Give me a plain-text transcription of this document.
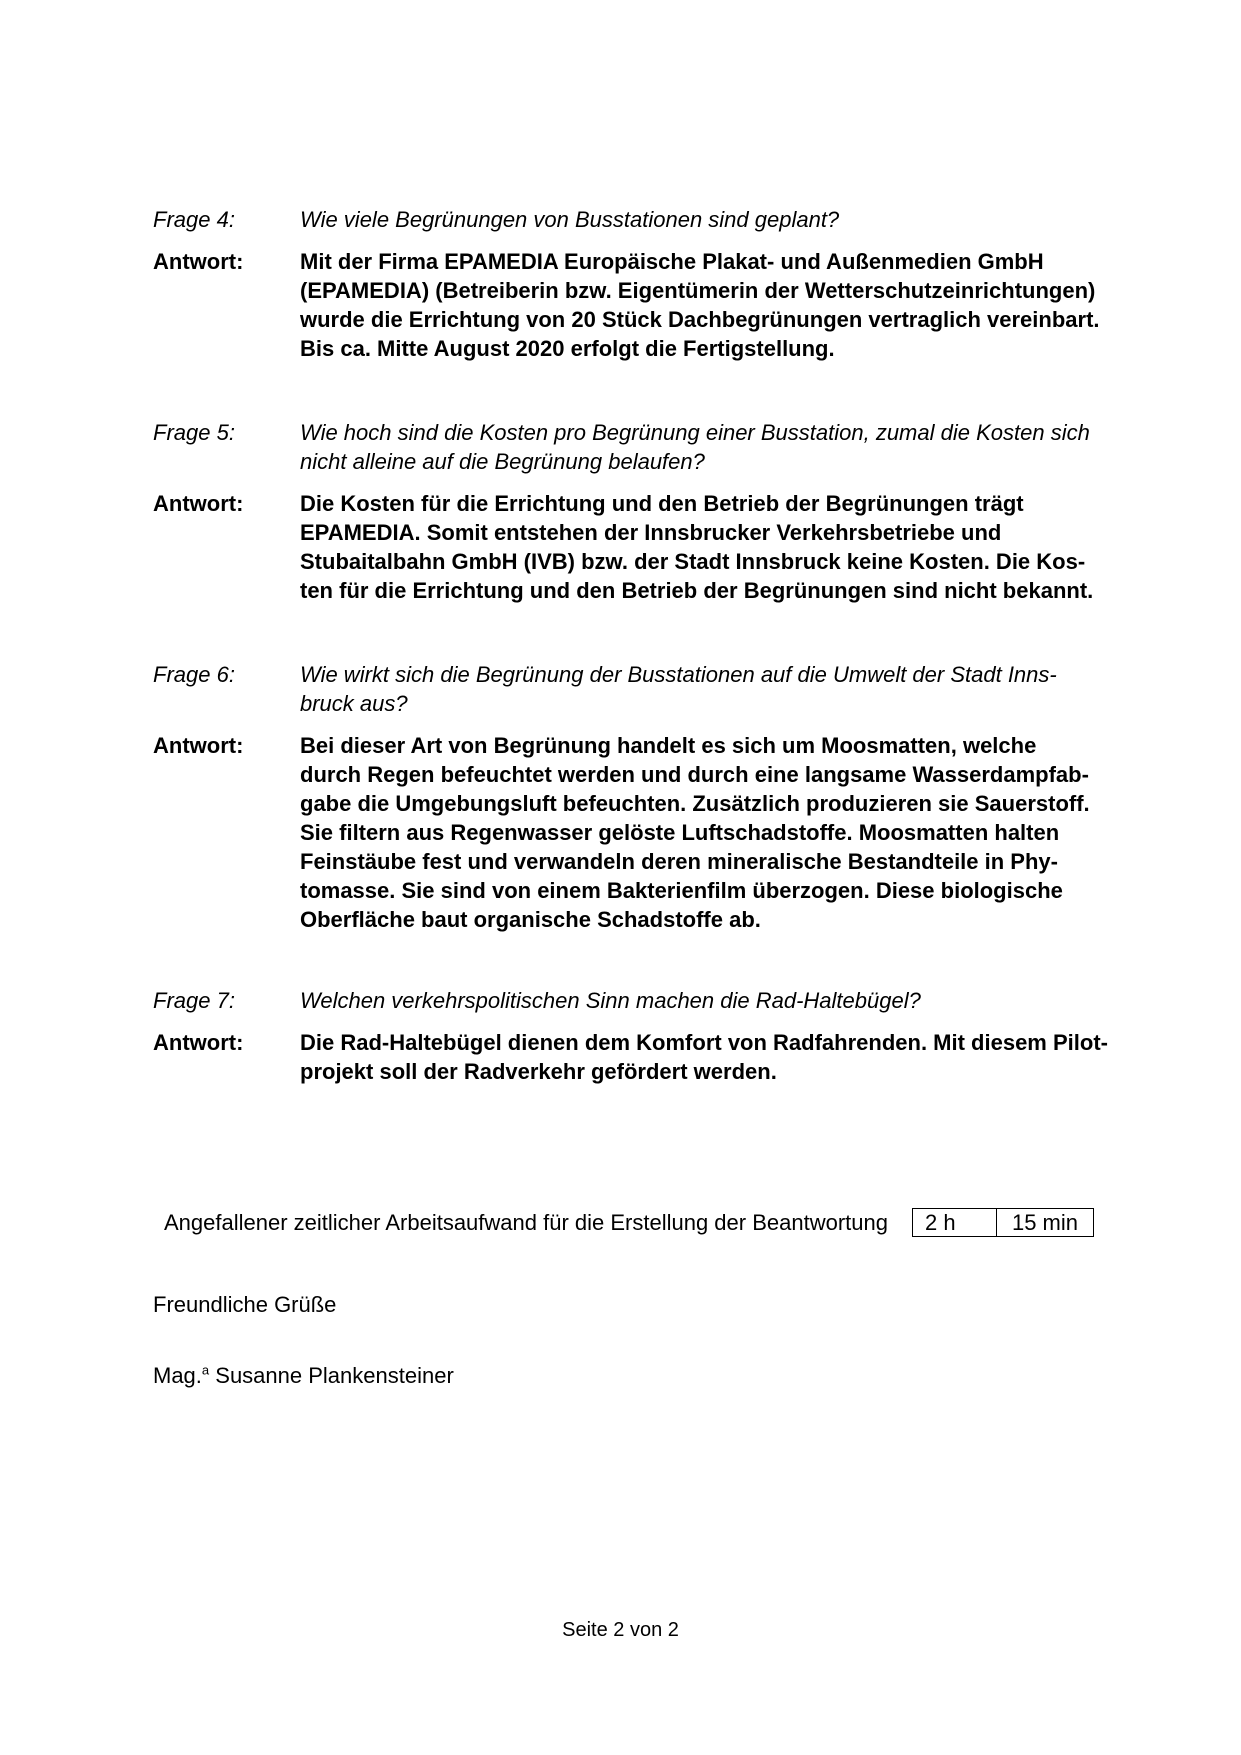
Frage 4:	Wie viele Begrünungen von Busstationen sind geplant?
Antwort:	Mit der Firma EPAMEDIA Europäische Plakat- und Außenmedien GmbH
(EPAMEDIA) (Betreiberin bzw. Eigentümerin der Wetterschutzeinrichtungen)
wurde die Errichtung von 20 Stück Dachbegrünungen vertraglich vereinbart.
Bis ca. Mitte August 2020 erfolgt die Fertigstellung.
Frage 5:	Wie hoch sind die Kosten pro Begrünung einer Busstation, zumal die Kosten sich
nicht alleine auf die Begrünung belaufen?
Antwort:	Die Kosten für die Errichtung und den Betrieb der Begrünungen trägt
EPAMEDIA. Somit entstehen der Innsbrucker Verkehrsbetriebe und
Stubaitalbahn GmbH (IVB) bzw. der Stadt Innsbruck keine Kosten. Die Kos-
ten für die Errichtung und den Betrieb der Begrünungen sind nicht bekannt.
Frage 6:	Wie wirkt sich die Begrünung der Busstationen auf die Umwelt der Stadt Inns-
bruck aus?
Antwort:	Bei dieser Art von Begrünung handelt es sich um Moosmatten, welche
durch Regen befeuchtet werden und durch eine langsame Wasserdampfab-
gabe die Umgebungsluft befeuchten. Zusätzlich produzieren sie Sauerstoff.
Sie filtern aus Regenwasser gelöste Luftschadstoffe. Moosmatten halten
Feinstäube fest und verwandeln deren mineralische Bestandteile in Phy-
tomasse. Sie sind von einem Bakterienfilm überzogen. Diese biologische
Oberfläche baut organische Schadstoffe ab.
Frage 7:	Welchen verkehrspolitischen Sinn machen die Rad-Haltebügel?
Antwort:	Die Rad-Haltebügel dienen dem Komfort von Radfahrenden. Mit diesem Pilot-
projekt soll der Radverkehr gefördert werden.
Angefallener zeitlicher Arbeitsaufwand für die Erstellung der Beantwortung	2 h	15 min
Freundliche Grüße
Mag.$^a$ Susanne Plankensteiner
Seite 2 von 2
